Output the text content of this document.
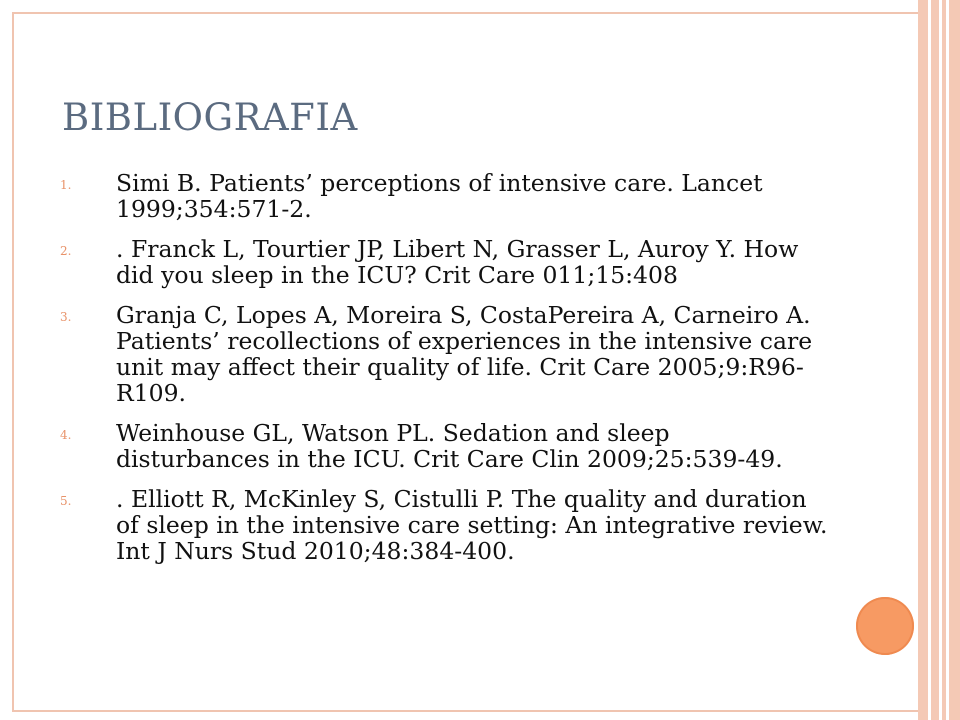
BIBLIOGRAFIA
1. Simi B. Patients’ perceptions of intensive care. Lancet 1999;354:571-2.
2. . Franck L, Tourtier JP, Libert N, Grasser L, Auroy Y. How did you sleep in the ICU? Crit Care 011;15:408
3. Granja C, Lopes A, Moreira S, CostaPereira A, Carneiro A. Patients’ recollections of experiences in the intensive care unit may affect their quality of life. Crit Care 2005;9:R96-R109.
4. Weinhouse GL, Watson PL. Sedation and sleep disturbances in the ICU. Crit Care Clin 2009;25:539-49.
5. . Elliott R, McKinley S, Cistulli P. The quality and duration of sleep in the intensive care setting: An integrative review. Int J Nurs Stud 2010;48:384-400.
